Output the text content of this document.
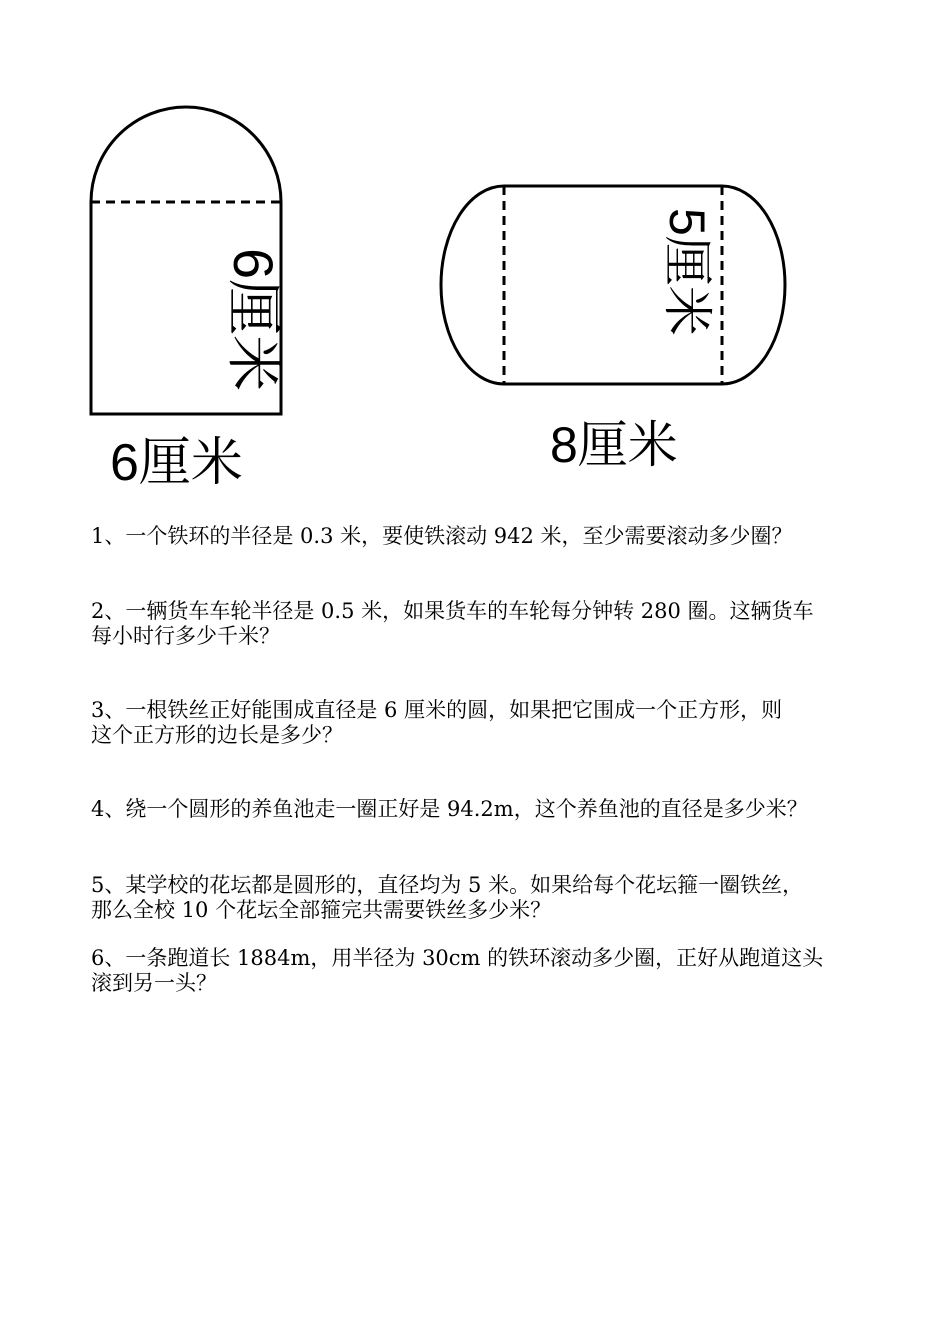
6厘米
6厘米
5厘米
8厘米
1、一个铁环的半径是 0.3 米，要使铁滚动 942 米，至少需要滚动多少圈？
2、一辆货车车轮半径是 0.5 米，如果货车的车轮每分钟转 280 圈。这辆货车
每小时行多少千米？
3、一根铁丝正好能围成直径是 6 厘米的圆，如果把它围成一个正方形，则
这个正方形的边长是多少？
4、绕一个圆形的养鱼池走一圈正好是 94.2m，这个养鱼池的直径是多少米？
5、某学校的花坛都是圆形的，直径均为 5 米。如果给每个花坛箍一圈铁丝，
那么全校 10 个花坛全部箍完共需要铁丝多少米？
6、一条跑道长 1884m，用半径为 30cm 的铁环滚动多少圈，正好从跑道这头
滚到另一头？
